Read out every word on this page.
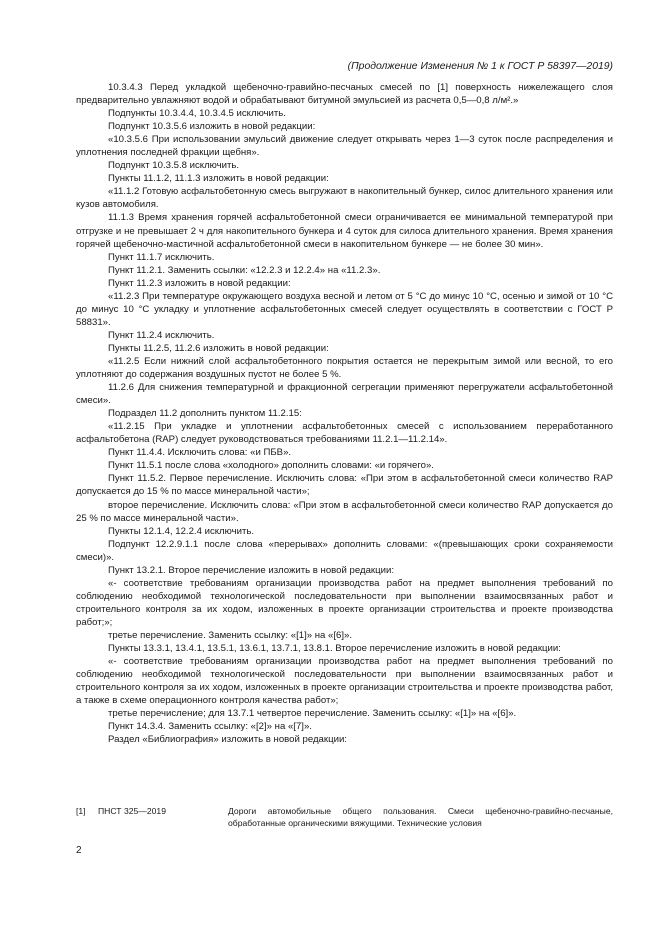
(Продолжение Изменения № 1 к ГОСТ Р 58397—2019)

10.3.4.3 Перед укладкой щебеночно-гравийно-песчаных смесей по [1] поверхность нижележащего слоя предварительно увлажняют водой и обрабатывают битумной эмульсией из расчета 0,5—0,8 л/м².»

Подпункты 10.3.4.4, 10.3.4.5 исключить.

Подпункт 10.3.5.6 изложить в новой редакции:

«10.3.5.6 При использовании эмульсий движение следует открывать через 1—3 суток после распределения и уплотнения последней фракции щебня».

Подпункт 10.3.5.8 исключить.

Пункты 11.1.2, 11.1.3 изложить в новой редакции:

«11.1.2 Готовую асфальтобетонную смесь выгружают в накопительный бункер, силос длительного хранения или кузов автомобиля.

11.1.3 Время хранения горячей асфальтобетонной смеси ограничивается ее минимальной температурой при отгрузке и не превышает 2 ч для накопительного бункера и 4 суток для силоса длительного хранения. Время хранения горячей щебеночно-мастичной асфальтобетонной смеси в накопительном бункере — не более 30 мин».

Пункт 11.1.7 исключить.

Пункт 11.2.1. Заменить ссылки: «12.2.3 и 12.2.4» на «11.2.3».

Пункт 11.2.3 изложить в новой редакции:

«11.2.3 При температуре окружающего воздуха весной и летом от 5 °С до минус 10 °С, осенью и зимой от 10 °С до минус 10 °С укладку и уплотнение асфальтобетонных смесей следует осуществлять в соответствии с ГОСТ Р 58831».

Пункт 11.2.4 исключить.

Пункты 11.2.5, 11.2.6 изложить в новой редакции:

«11.2.5 Если нижний слой асфальтобетонного покрытия остается не перекрытым зимой или весной, то его уплотняют до содержания воздушных пустот не более 5 %.

11.2.6 Для снижения температурной и фракционной сегрегации применяют перегружатели асфальтобетонной смеси».

Подраздел 11.2 дополнить пунктом 11.2.15:

«11.2.15 При укладке и уплотнении асфальтобетонных смесей с использованием переработанного асфальтобетона (RAP) следует руководствоваться требованиями 11.2.1—11.2.14».

Пункт 11.4.4. Исключить слова: «и ПБВ».

Пункт 11.5.1 после слова «холодного» дополнить словами: «и горячего».

Пункт 11.5.2. Первое перечисление. Исключить слова: «При этом в асфальтобетонной смеси количество RAP допускается до 15 % по массе минеральной части»;

второе перечисление. Исключить слова: «При этом в асфальтобетонной смеси количество RAP допускается до 25 % по массе минеральной части».

Пункты 12.1.4, 12.2.4 исключить.

Подпункт 12.2.9.1.1 после слова «перерывах» дополнить словами: «(превышающих сроки сохраняемости смеси)».

Пункт 13.2.1. Второе перечисление изложить в новой редакции:

«- соответствие требованиям организации производства работ на предмет выполнения требований по соблюдению необходимой технологической последовательности при выполнении взаимосвязанных работ и строительного контроля за их ходом, изложенных в проекте организации строительства и проекте производства работ;»;

третье перечисление. Заменить ссылку: «[1]» на «[6]».

Пункты 13.3.1, 13.4.1, 13.5.1, 13.6.1, 13.7.1, 13.8.1. Второе перечисление изложить в новой редакции:

«- соответствие требованиям организации производства работ на предмет выполнения требований по соблюдению необходимой технологической последовательности при выполнении взаимосвязанных работ и строительного контроля за их ходом, изложенных в проекте организации строительства и проекте производства работ, а также в схеме операционного контроля качества работ»;

третье перечисление; для 13.7.1 четвертое перечисление. Заменить ссылку: «[1]» на «[6]».

Пункт 14.3.4. Заменить ссылку: «[2]» на «[7]».

Раздел «Библиография» изложить в новой редакции:

[1]	ПНСТ 325—2019	Дороги автомобильные общего пользования. Смеси щебеночно-гравийно-песчаные, обработанные органическими вяжущими. Технические условия
2
